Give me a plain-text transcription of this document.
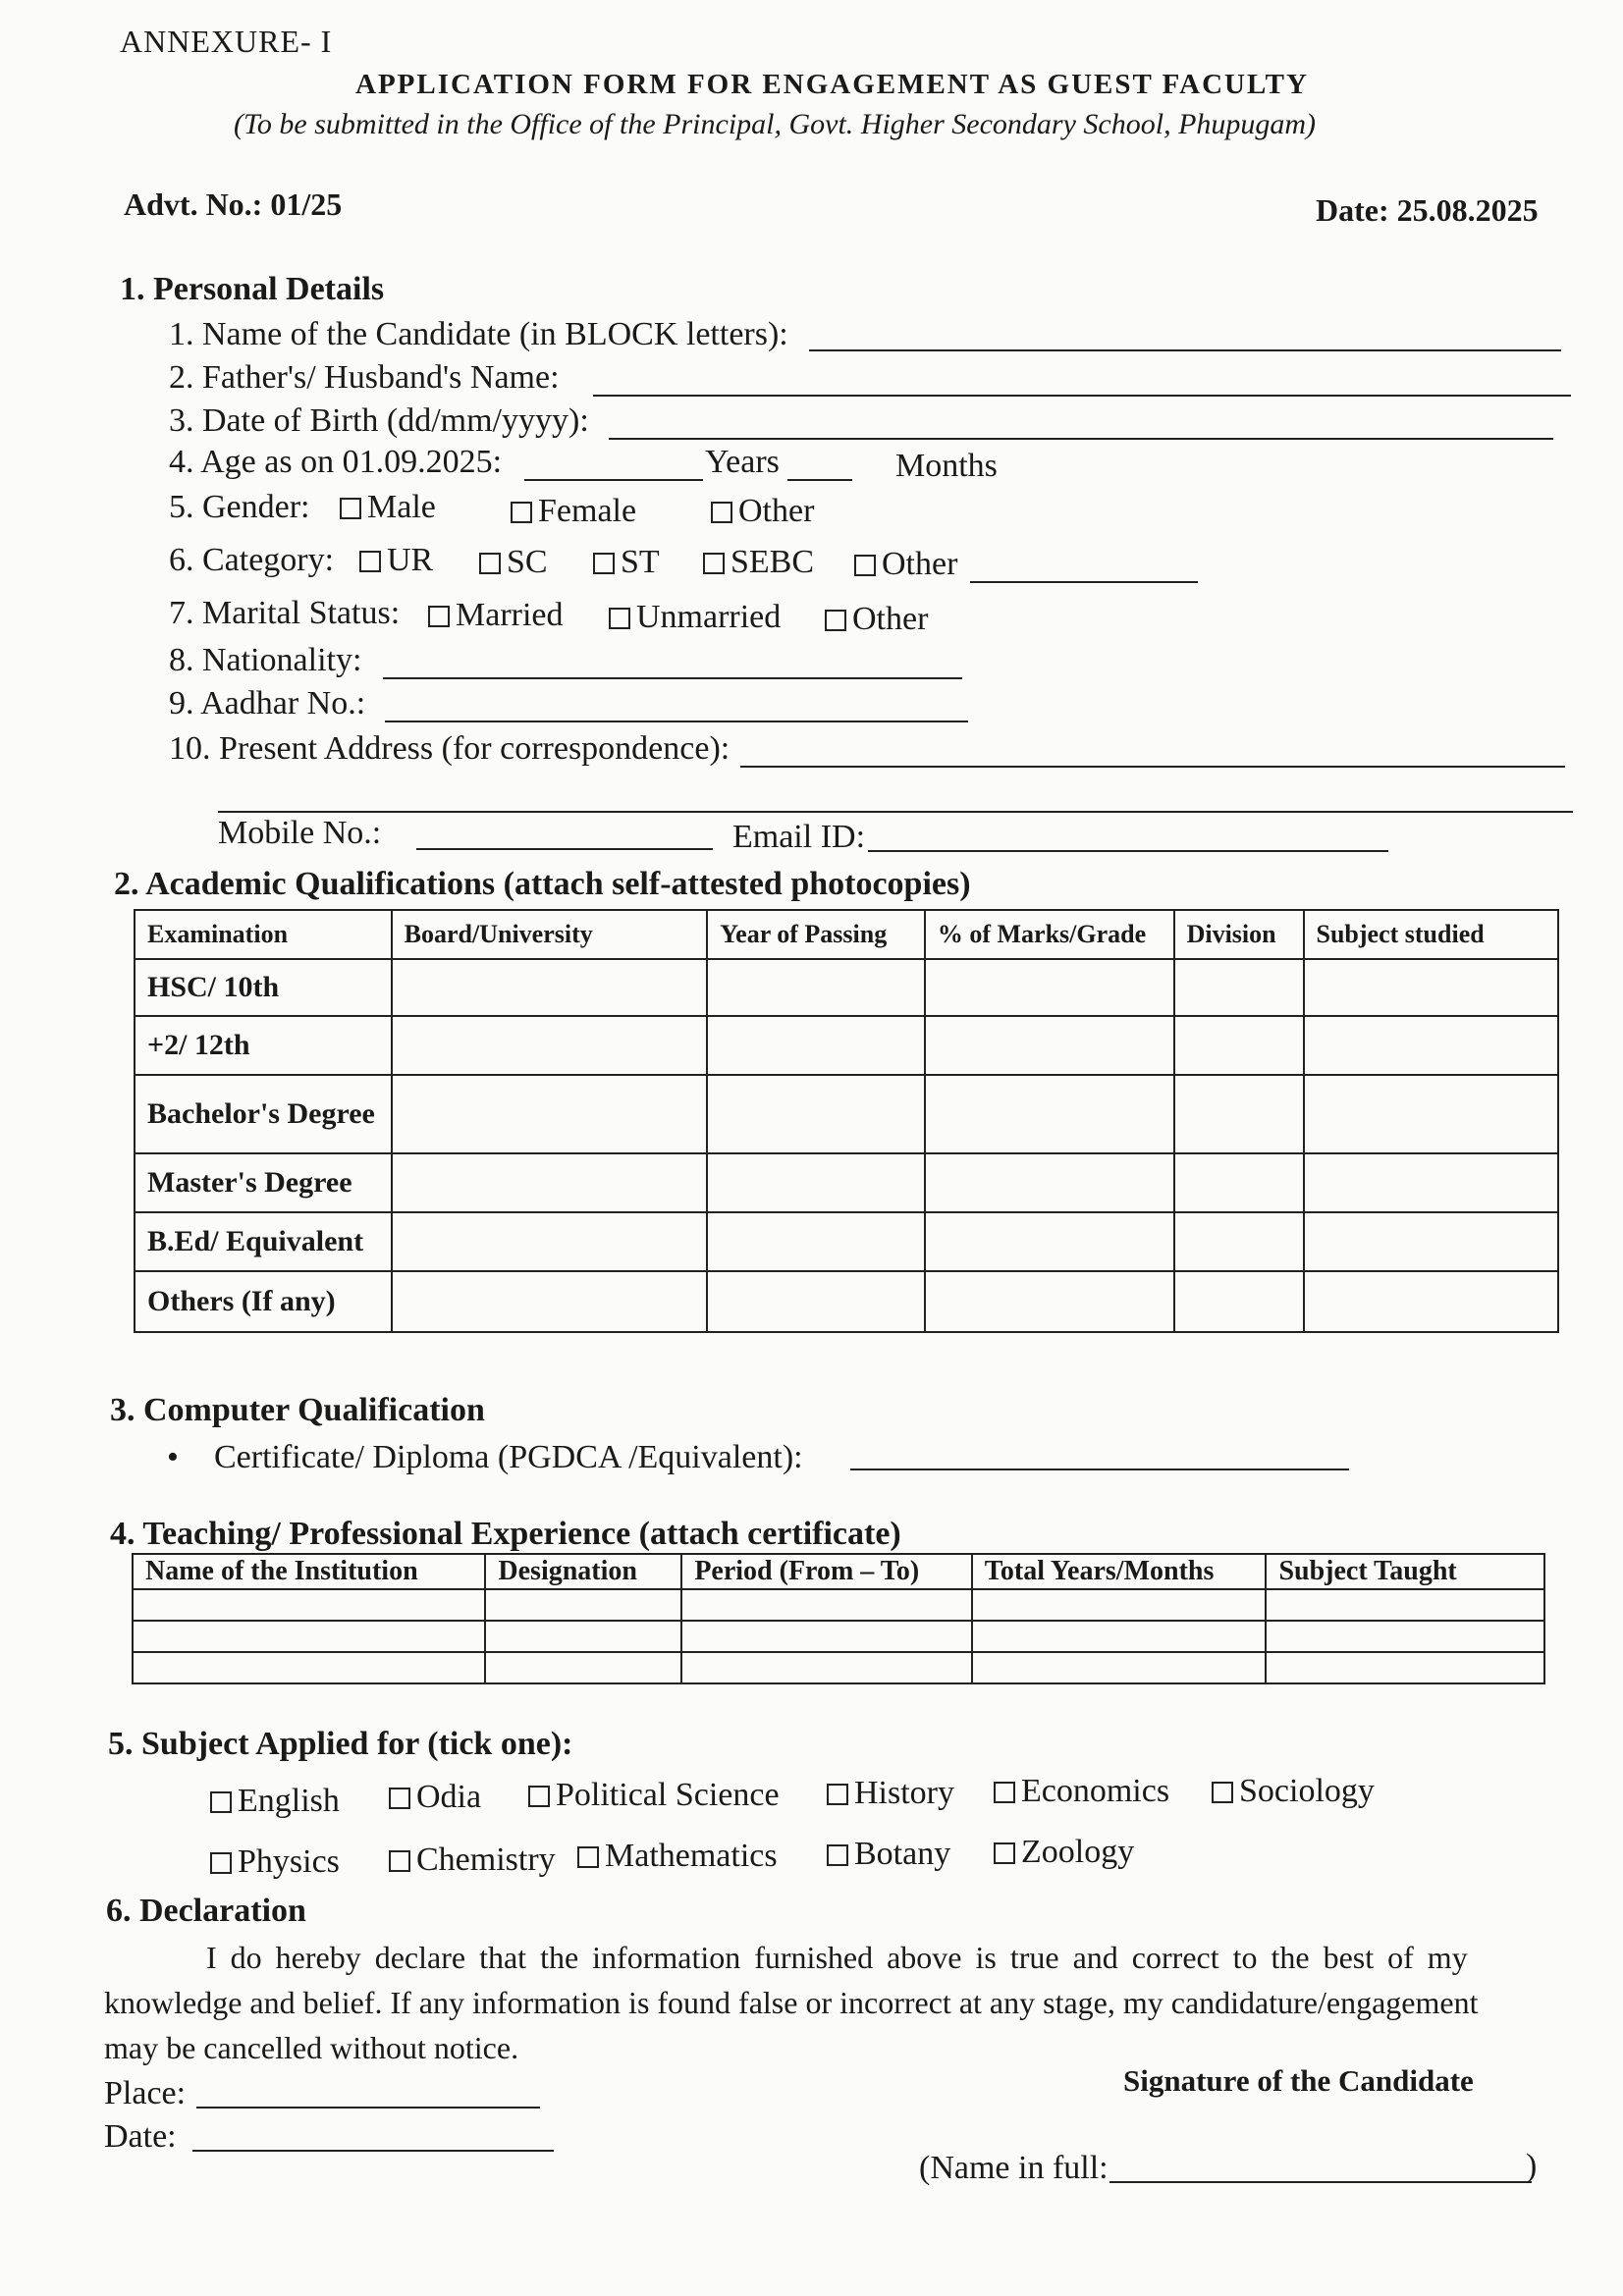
ANNEXURE- I
APPLICATION FORM FOR ENGAGEMENT AS GUEST FACULTY
(To be submitted in the Office of the Principal, Govt. Higher Secondary School, Phupugam)
Advt. No.: 01/25	Date: 25.08.2025
1. Personal Details
1. Name of the Candidate (in BLOCK letters):
2. Father's/ Husband's Name:
3. Date of Birth (dd/mm/yyyy):
4. Age as on 01.09.2025:	Years	Months
5. Gender:	Male	Female	Other
6. Category:	UR	SC	ST	SEBC	Other
7. Marital Status:	Married	Unmarried	Other
8. Nationality:
9. Aadhar No.:
10. Present Address (for correspondence):
Mobile No.:	Email ID:
2. Academic Qualifications (attach self-attested photocopies)
Examination	Board/University	Year of Passing	% of Marks/Grade	Division	Subject studied
HSC/ 10th					
+2/ 12th					
Bachelor's Degree					
Master's Degree					
B.Ed/ Equivalent					
Others (If any)					
3. Computer Qualification
• Certificate/ Diploma (PGDCA /Equivalent):
4. Teaching/ Professional Experience (attach certificate)
Name of the Institution	Designation	Period (From – To)	Total Years/Months	Subject Taught

5. Subject Applied for (tick one):
English	Odia	Political Science	History	Economics	Sociology
Physics	Chemistry	Mathematics	Botany	Zoology
6. Declaration
I do hereby declare that the information furnished above is true and correct to the best of my
knowledge and belief. If any information is found false or incorrect at any stage, my candidature/engagement
may be cancelled without notice.
Place:	Signature of the Candidate
Date:
(Name in full:	)
